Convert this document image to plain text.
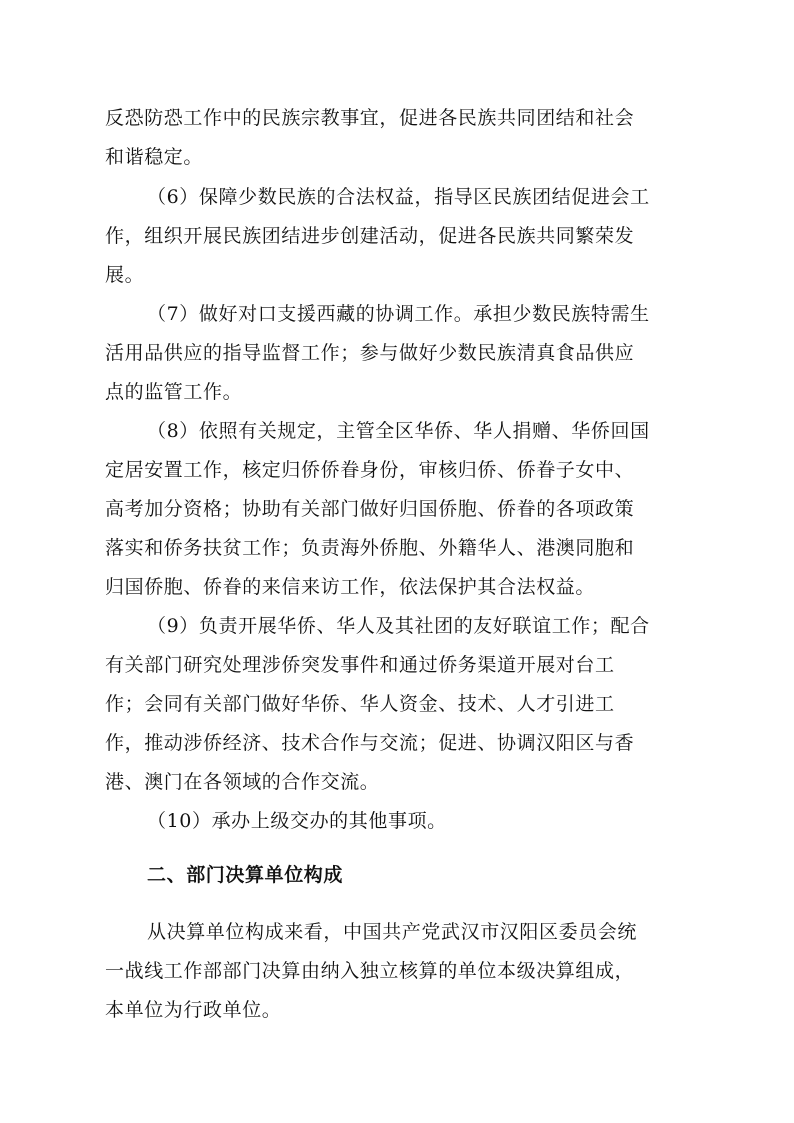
反恐防恐工作中的民族宗教事宜，促进各民族共同团结和社会
和谐稳定。
（6）保障少数民族的合法权益，指导区民族团结促进会工
作，组织开展民族团结进步创建活动，促进各民族共同繁荣发
展。
（7）做好对口支援西藏的协调工作。承担少数民族特需生
活用品供应的指导监督工作；参与做好少数民族清真食品供应
点的监管工作。
（8）依照有关规定，主管全区华侨、华人捐赠、华侨回国
定居安置工作，核定归侨侨眷身份，审核归侨、侨眷子女中、
高考加分资格；协助有关部门做好归国侨胞、侨眷的各项政策
落实和侨务扶贫工作；负责海外侨胞、外籍华人、港澳同胞和
归国侨胞、侨眷的来信来访工作，依法保护其合法权益。
（9）负责开展华侨、华人及其社团的友好联谊工作；配合
有关部门研究处理涉侨突发事件和通过侨务渠道开展对台工
作；会同有关部门做好华侨、华人资金、技术、人才引进工
作，推动涉侨经济、技术合作与交流；促进、协调汉阳区与香
港、澳门在各领域的合作交流。
（10）承办上级交办的其他事项。
二、部门决算单位构成
从决算单位构成来看，中国共产党武汉市汉阳区委员会统
一战线工作部部门决算由纳入独立核算的单位本级决算组成，
本单位为行政单位。
